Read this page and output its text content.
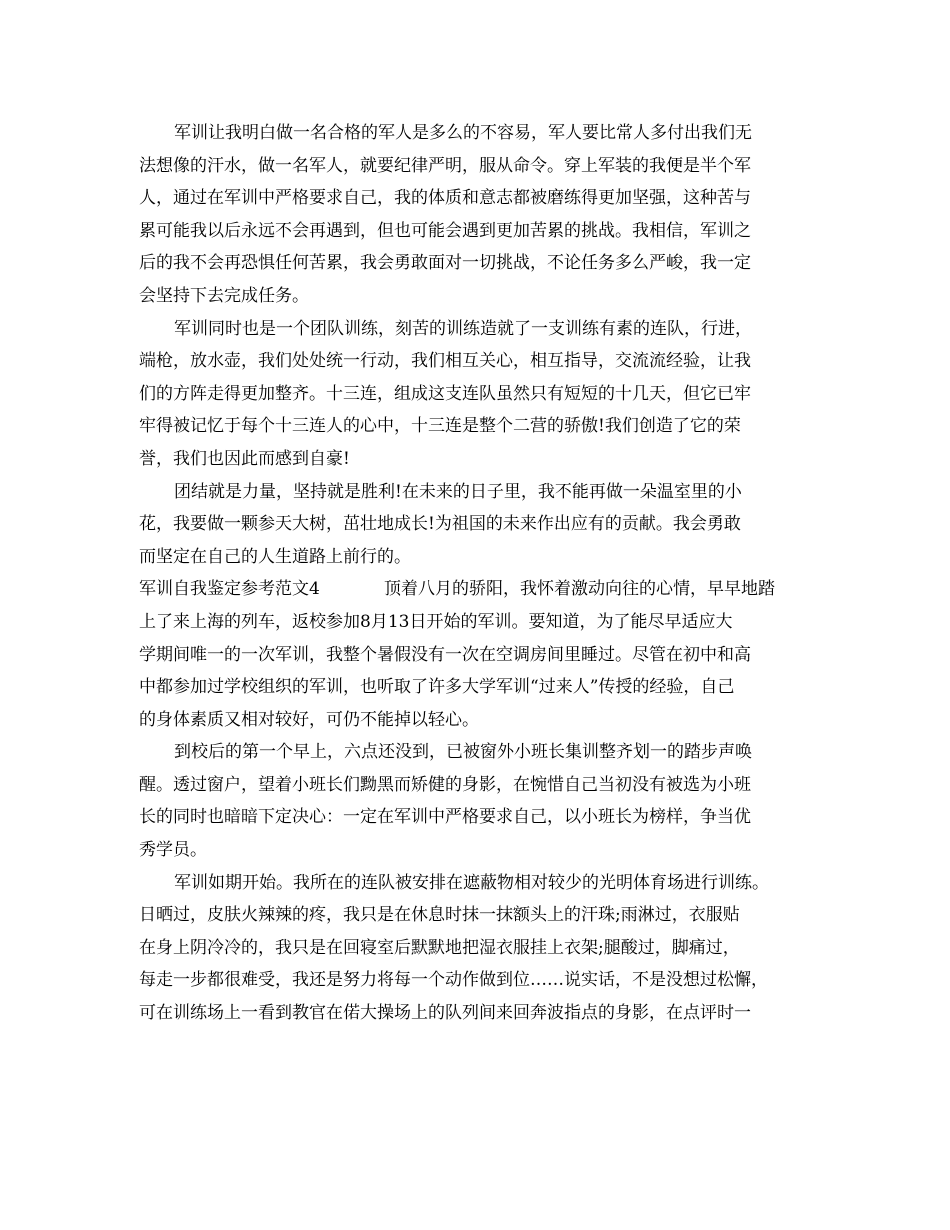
军训让我明白做一名合格的军人是多么的不容易，军人要比常人多付出我们无
法想像的汗水，做一名军人，就要纪律严明，服从命令。穿上军装的我便是半个军
人，通过在军训中严格要求自己，我的体质和意志都被磨练得更加坚强，这种苦与
累可能我以后永远不会再遇到，但也可能会遇到更加苦累的挑战。我相信，军训之
后的我不会再恐惧任何苦累，我会勇敢面对一切挑战，不论任务多么严峻，我一定
会坚持下去完成任务。
军训同时也是一个团队训练，刻苦的训练造就了一支训练有素的连队，行进，
端枪，放水壶，我们处处统一行动，我们相互关心，相互指导，交流流经验，让我
们的方阵走得更加整齐。十三连，组成这支连队虽然只有短短的十几天，但它已牢
牢得被记忆于每个十三连人的心中，十三连是整个二营的骄傲!我们创造了它的荣
誉，我们也因此而感到自豪!
团结就是力量，坚持就是胜利!在未来的日子里，我不能再做一朵温室里的小
花，我要做一颗参天大树，茁壮地成长!为祖国的未来作出应有的贡献。我会勇敢
而坚定在自己的人生道路上前行的。
军训自我鉴定参考范文4	顶着八月的骄阳，我怀着激动向往的心情，早早地踏
上了来上海的列车，返校参加8月13日开始的军训。要知道，为了能尽早适应大
学期间唯一的一次军训，我整个暑假没有一次在空调房间里睡过。尽管在初中和高
中都参加过学校组织的军训，也听取了许多大学军训“过来人”传授的经验，自己
的身体素质又相对较好，可仍不能掉以轻心。
到校后的第一个早上，六点还没到，已被窗外小班长集训整齐划一的踏步声唤
醒。透过窗户，望着小班长们黝黑而矫健的身影，在惋惜自己当初没有被选为小班
长的同时也暗暗下定决心：一定在军训中严格要求自己，以小班长为榜样，争当优
秀学员。
军训如期开始。我所在的连队被安排在遮蔽物相对较少的光明体育场进行训练。
日晒过，皮肤火辣辣的疼，我只是在休息时抹一抹额头上的汗珠;雨淋过，衣服贴
在身上阴冷冷的，我只是在回寝室后默默地把湿衣服挂上衣架;腿酸过，脚痛过，
每走一步都很难受，我还是努力将每一个动作做到位……说实话，不是没想过松懈，
可在训练场上一看到教官在偌大操场上的队列间来回奔波指点的身影，在点评时一
